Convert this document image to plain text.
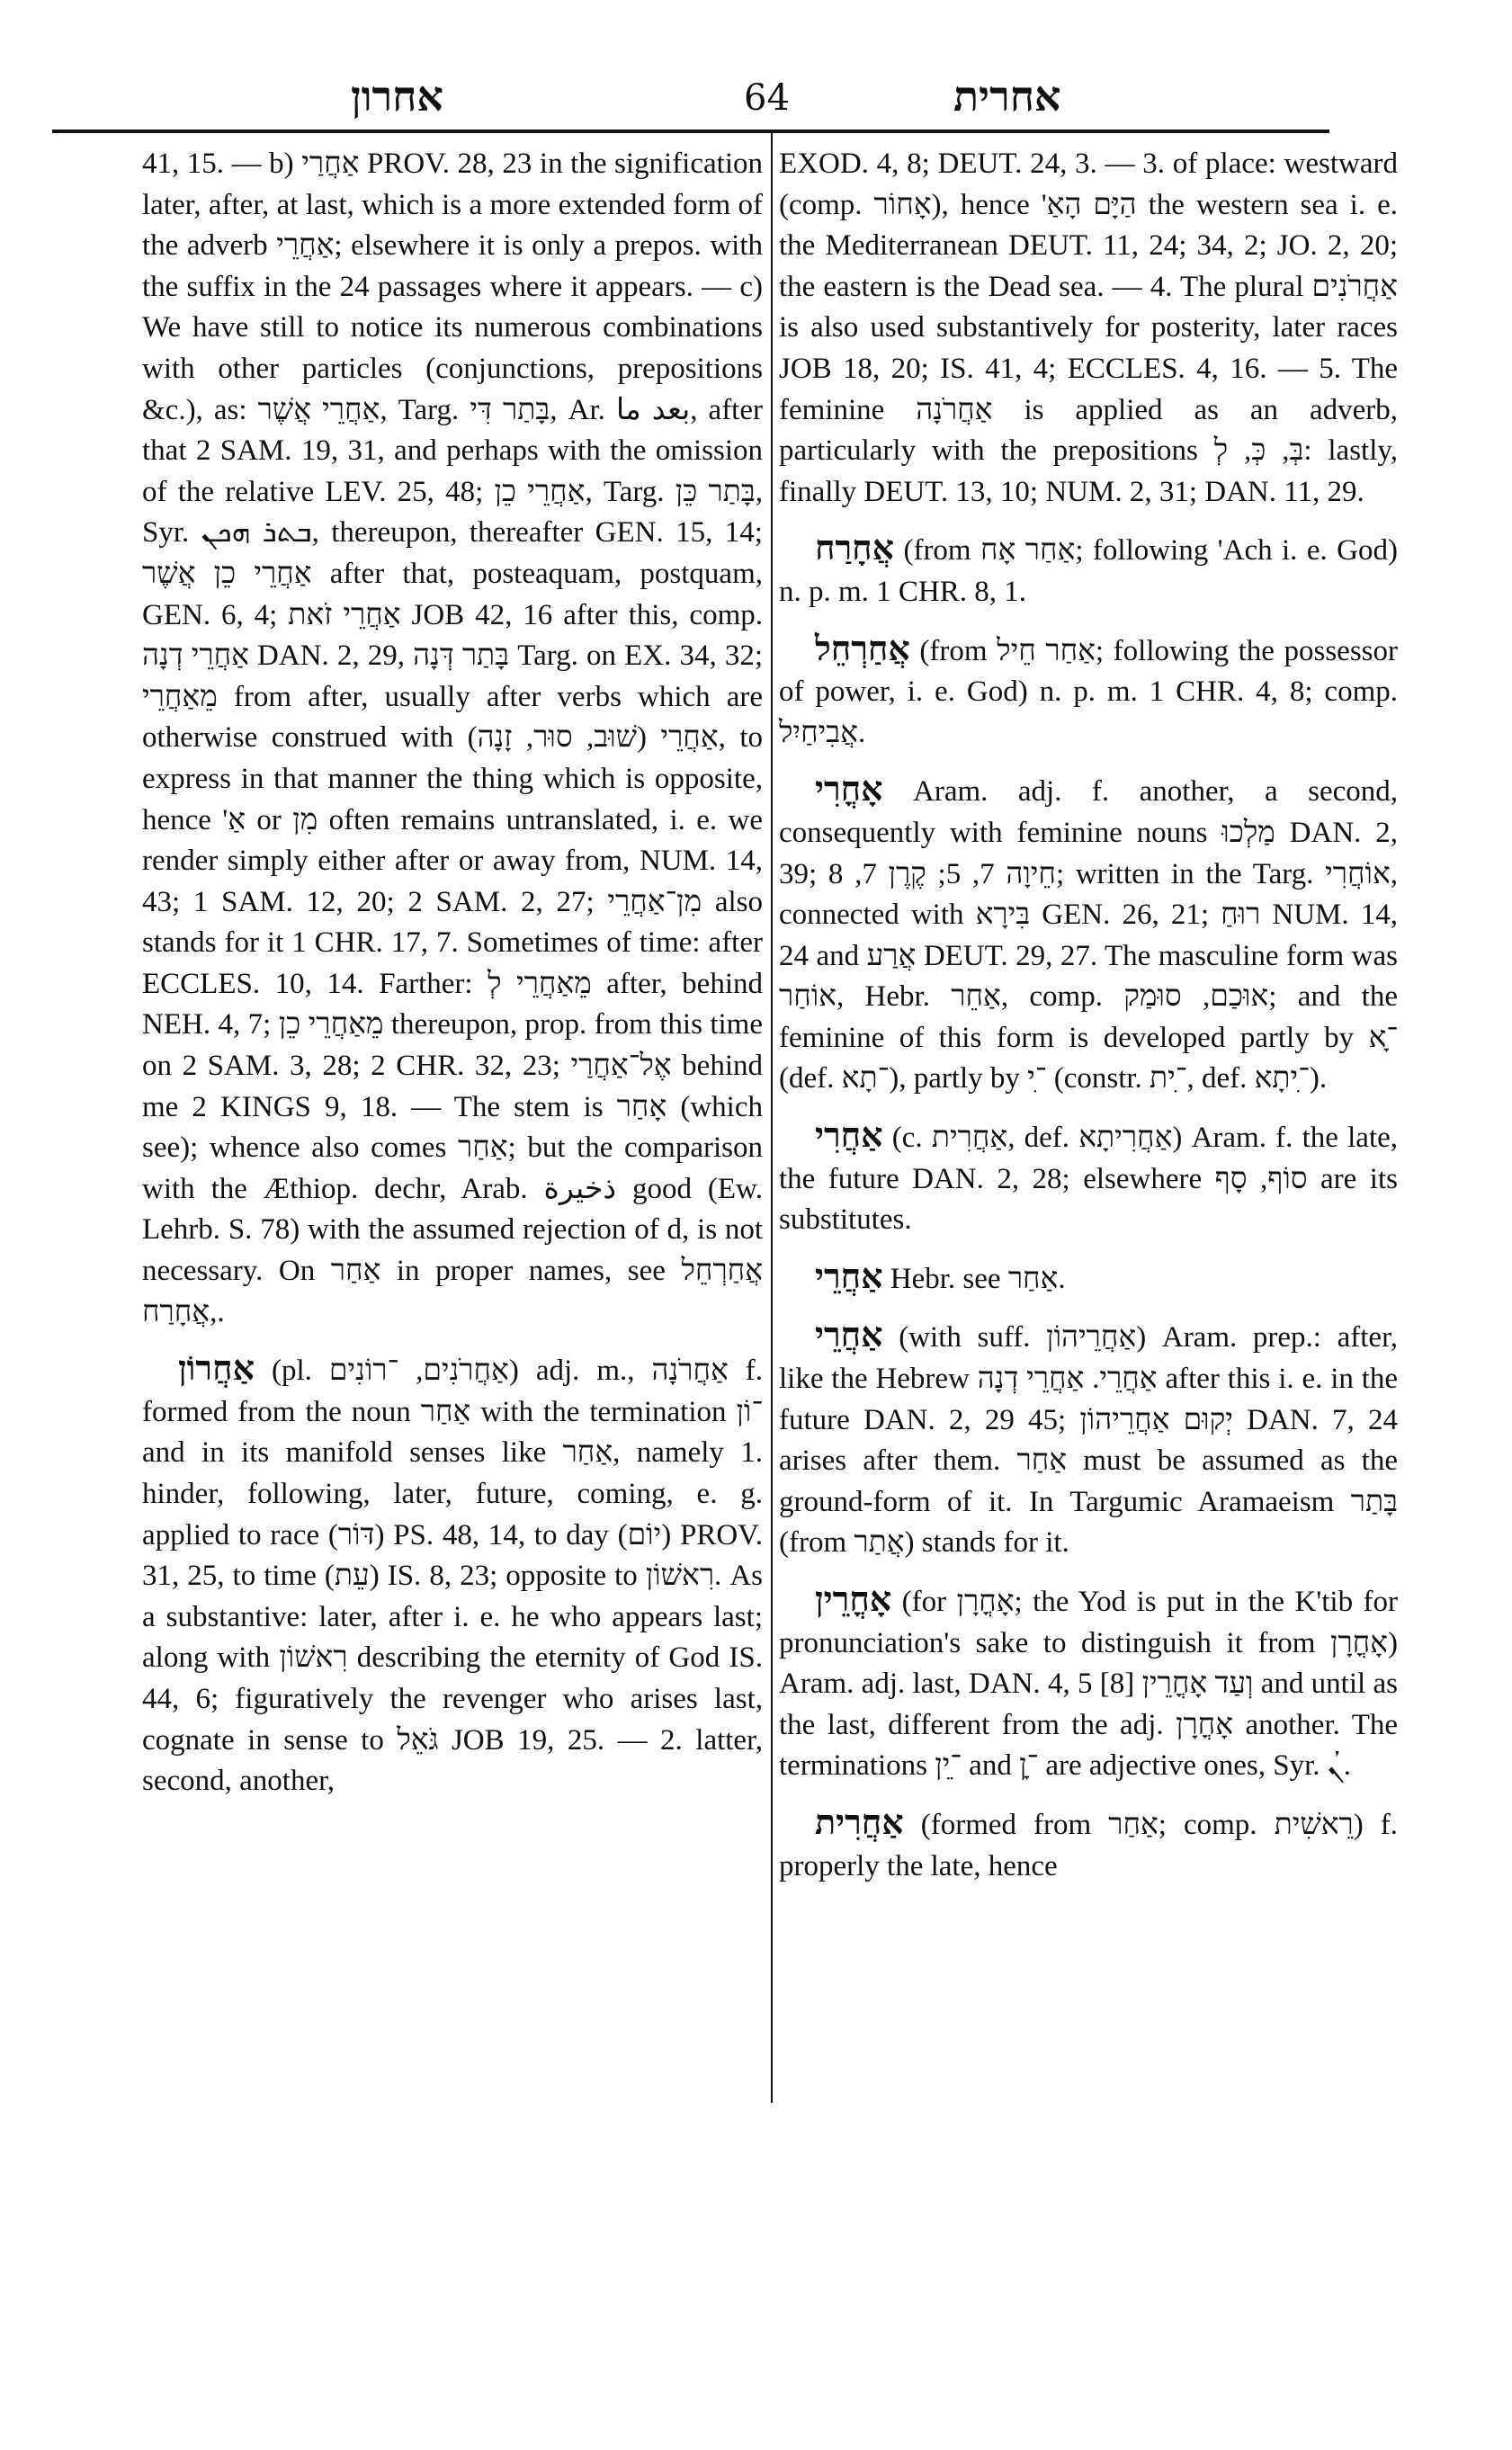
אחרון	64	אחרית

41, 15. — b) אַחֲרַי PROV. 28, 23 in the signification later, after, at last, which is a more extended form of the adverb אַחֲרֵי; elsewhere it is only a prepos. with the suffix in the 24 passages where it appears. — c) We have still to notice its numerous combinations with other particles (conjunctions, prepositions &c.), as: אַחֲרֵי אֲשֶׁר, Targ. בָּתַר דִּי, Ar. بعد ما, after that 2 SAM. 19, 31, and perhaps with the omission of the relative LEV. 25, 48; אַחֲרֵי כֵן, Targ. בָּתַר כֵּן, Syr. ܒܬܪ ܗܟܢ, thereupon, thereafter GEN. 15, 14; אַחֲרֵי כֵן אֲשֶׁר after that, posteaquam, postquam, GEN. 6, 4; אַחֲרֵי זֹאת JOB 42, 16 after this, comp. אַחֲרֵי דְנָה DAN. 2, 29, בָּתַר דְּנָה Targ. on EX. 34, 32; מֵאַחֲרֵי from after, usually after verbs which are otherwise construed with אַחֲרֵי (שׁוּב, סוּר, זָנָה), to express in that manner the thing which is opposite, hence 'אַ or מִן often remains untranslated, i. e. we render simply either after or away from, NUM. 14, 43; 1 SAM. 12, 20; 2 SAM. 2, 27; מִן־אַחֲרֵי also stands for it 1 CHR. 17, 7. Sometimes of time: after ECCLES. 10, 14. Farther: מֵאַחֲרֵי לְ after, behind NEH. 4, 7; מֵאַחֲרֵי כֵן thereupon, prop. from this time on 2 SAM. 3, 28; 2 CHR. 32, 23; אֶל־אַחֲרַי behind me 2 KINGS 9, 18. — The stem is אָחַר (which see); whence also comes אַחַר; but the comparison with the Æthiop. dechr, Arab. ذخيرة good (Ew. Lehrb. S. 78) with the assumed rejection of d, is not necessary. On אַחַר in proper names, see אֲחַרְחֵל ,אֲחָרַח.

אַחֲרוֹן (pl. אַחֲרֹנִים, ־רוֹנִים) adj. m., אַחֲרֹנָה f. formed from the noun אַחַר with the termination ־וֹן and in its manifold senses like אַחַר, namely 1. hinder, following, later, future, coming, e. g. applied to race (דּוֹר) PS. 48, 14, to day (יוֹם) PROV. 31, 25, to time (עֵת) IS. 8, 23; opposite to רִאשׁוֹן. As a substantive: later, after i. e. he who appears last; along with רִאשׁוֹן describing the eternity of God IS. 44, 6; figuratively the revenger who arises last, cognate in sense to גֹּאֵל JOB 19, 25. — 2. latter, second, another,

EXOD. 4, 8; DEUT. 24, 3. — 3. of place: westward (comp. אָחוֹר), hence 'הַיָּם הָאַ the western sea i. e. the Mediterranean DEUT. 11, 24; 34, 2; JO. 2, 20; the eastern is the Dead sea. — 4. The plural אַחֲרֹנִים is also used substantively for posterity, later races JOB 18, 20; IS. 41, 4; ECCLES. 4, 16. — 5. The feminine אַחֲרֹנָה is applied as an adverb, particularly with the prepositions בְּ, כְּ, לְ: lastly, finally DEUT. 13, 10; NUM. 2, 31; DAN. 11, 29.

אֲחָרַח (from אַחַר אָח; following 'Ach i. e. God) n. p. m. 1 CHR. 8, 1.

אֲחַרְחֵל (from אַחַר חֵיל; following the possessor of power, i. e. God) n. p. m. 1 CHR. 4, 8; comp. אֲבִיחַיִל.

אָחֳרִי Aram. adj. f. another, a second, consequently with feminine nouns מַלְכוּ DAN. 2, 39; חֵיוָה 7, 5; קֶרֶן 7, 8; written in the Targ. אוֹחֲרִי, connected with בִּירָא GEN. 26, 21; רוּחַ NUM. 14, 24 and אֲרַע DEUT. 29, 27. The masculine form was אוֹחַר, Hebr. אַחֵר, comp. אוּכַם, סוּמַק; and the feminine of this form is developed partly by ־ָא (def. ־תָא), partly by ־ִי (constr. ־ִית, def. ־ִיתָא).

אַחֲרִי (c. אַחֲרִית, def. אַחֲרִיתָא) Aram. f. the late, the future DAN. 2, 28; elsewhere סוֹף, סָף are its substitutes.

אַחֲרֵי Hebr. see אַחַר.

אַחֲרֵי (with suff. אַחֲרֵיהוֹן) Aram. prep.: after, like the Hebrew אַחֲרֵי. אַחֲרֵי דְנָה after this i. e. in the future DAN. 2, 29 45; יְקוּם אַחֲרֵיהוֹן DAN. 7, 24 arises after them. אַחַר must be assumed as the ground-form of it. In Targumic Aramaeism בָּתַר (from אֲתַר) stands for it.

אָחֳרֵין (for אָחֳרָן; the Yod is put in the K'tib for pronunciation's sake to distinguish it from אָחֳרָן) Aram. adj. last, DAN. 4, 5 [8] וְעַד אָחֳרֵין and until as the last, different from the adj. אָחֳרָן another. The terminations ־ֵין and ־ָן are adjective ones, Syr. ܳܢ.

אַחֲרִית (formed from אַחַר; comp. רֵאשִׁית) f. properly the late, hence
